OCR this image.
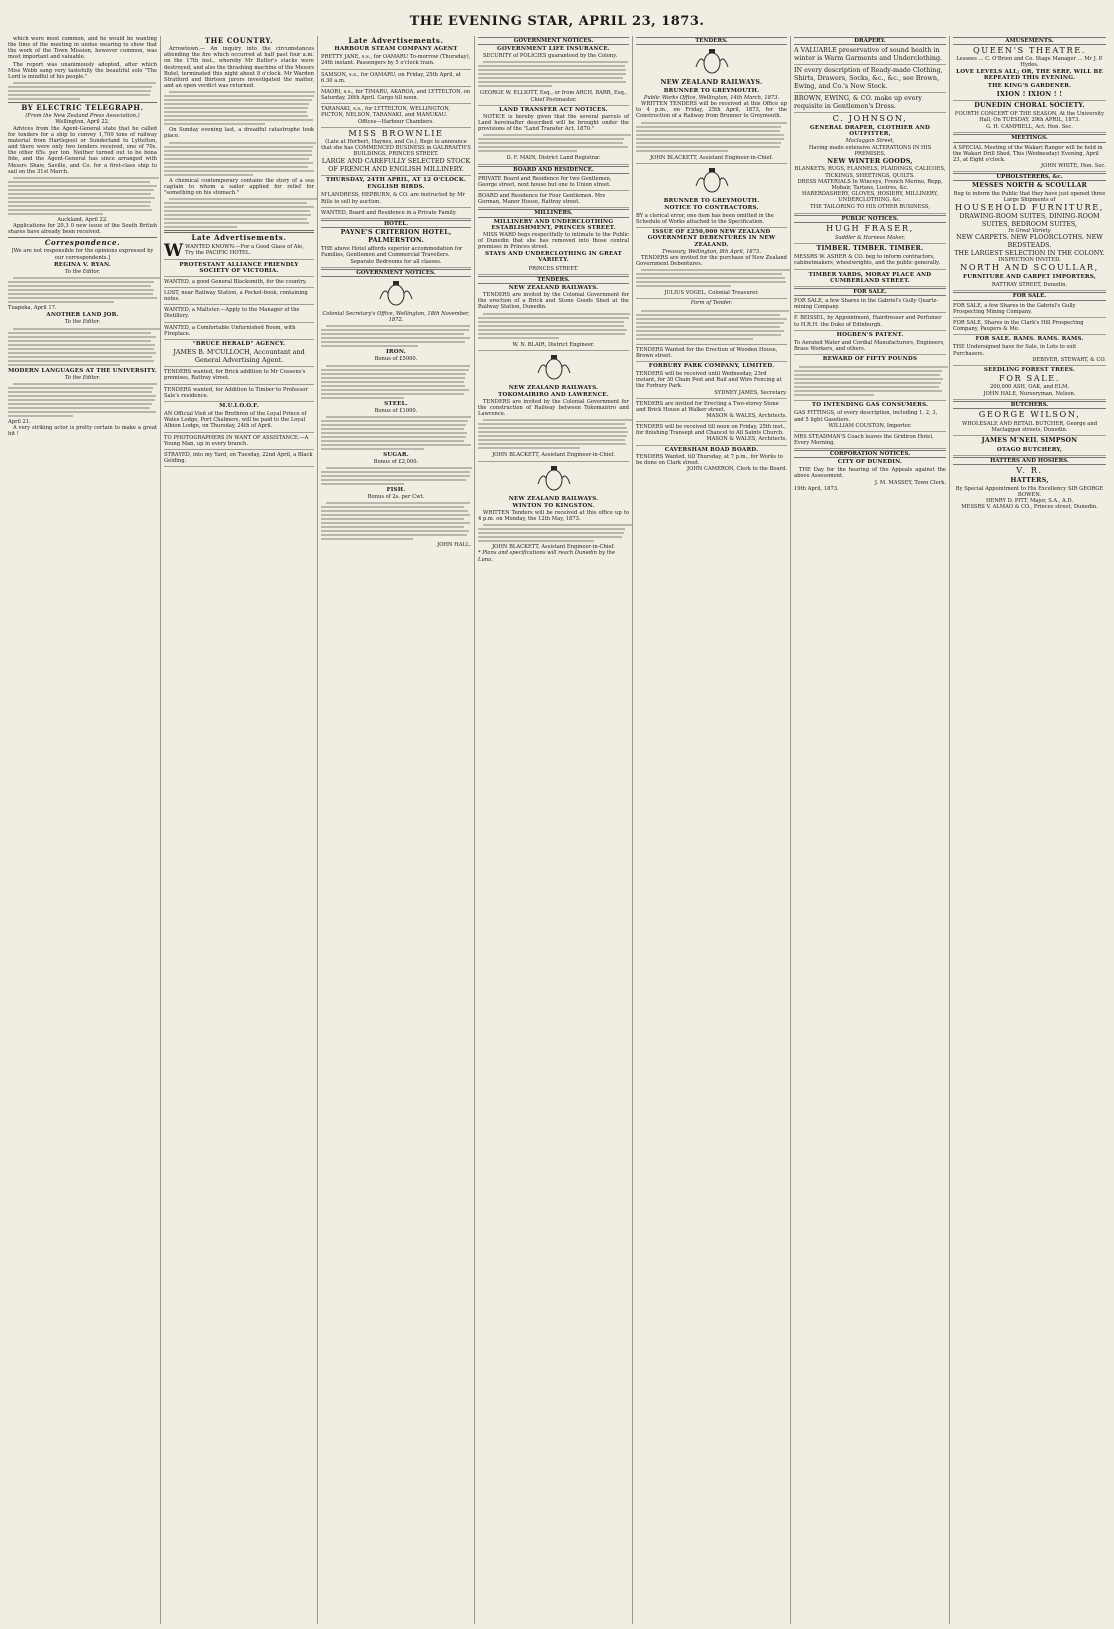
THE EVENING STAR, APRIL 23, 1873.

which were most common, and he would be wanting the time of the meeting in undue wearing to show that the work of the Town Mission, however common, was most important and valuable.

The report was unanimously adopted, after which Miss Webb sang very tastefully the beautiful solo "The Lord is mindful of his people."

BY ELECTRIC TELEGRAPH.
(From the New Zealand Press Association.)
Wellington, April 22.

Advices from the Agent-General state that he called for tenders for a ship to convey 1,700 tons of railway material from Hartlepool or Sunderland to Lyttelton, and there were only two tenders received, one of 70s. the other 65s. per ton. Neither turned out to be bona fide, and the Agent-General has since arranged with Messrs Shaw, Saville, and Co. for a first-class ship to sail on the 31st March.

Auckland, April 22.

Applications for 20,3 0 new issue of the South British shares have already been received.

Correspondence.
[We are not responsible for the opinions expressed by our correspondents.]
REGINA V. RYAN.
To the Editor.
Tuapeka, April 17.
ANOTHER LAND JOB.
To the Editor.
MODERN LANGUAGES AT THE UNIVERSITY.
To the Editor.
April 21.

A very striking actor is pretty certain to make a great hit !

THE COUNTRY.

Arrowtown.— An inquiry into the circumstances attending the fire which occurred at half past four a.m. on the 17th inst., whereby Mr Butler's stacks were destroyed, and also the thrashing machine of the Messrs Butel, terminated this night about 8 o'clock. Mr Warden Stratford and thirteen jurors investigated the matter, and an open verdict was returned.

On Sunday evening last, a dreadful catastrophe took place.

A chemical contemporary contains the story of a sea captain to whom a sailor applied for relief for "something on his stomach."

Late Advertisements.
WWANTED KNOWN.—For a Good Glass of Ale, Try the PACIFIC HOTEL.
PROTESTANT ALLIANCE FRIENDLY SOCIETY OF VICTORIA.
WANTED, a good General Blacksmith, for the country.
LOST, near Railway Station, a Pocket-book, containing notes.
WANTED, a Maltster.—Apply to the Manager of the Distillery.
WANTED, a Comfortable Unfurnished Room, with Fireplace.
"BRUCE HERALD" AGENCY.
JAMES B. M'CULLOCH, Accountant and General Advertising Agent.
TENDERS wanted, for Brick addition to Mr Cossens's premises, Rattray street.
TENDERS wanted, for Addition to Timber to Professor Sale's residence.
M.U.I.O.O.F.
AN Official Visit of the Brethren of the Loyal Prince of Wales Lodge, Port Chalmers, will be paid to the Loyal Albion Lodge, on Thursday, 24th of April.
TO PHOTOGRAPHERS IN WANT OF ASSISTANCE.—A Young Man, up in every branch.
STRAYED, into my Yard, on Tuesday, 22nd April, a Black Gelding.
Late Advertisements.
HARBOUR STEAM COMPANY AGENT
PRETTY JANE, s.s., for OAMARU To-morrow (Thursday), 24th instant. Passengers by 5 o'clock train.
SAMSON, s.s., for OAMARU, on Friday, 25th April, at 6.30 a.m.
MAORI, s.s., for TIMARU, AKAROA, and LYTTELTON, on Saturday, 26th April. Cargo till noon.
TARANAKI, s.s., for LYTTELTON, WELLINGTON, PICTON, NELSON, TARANAKI, and MANUKAU.
Offices—Harbour Chambers.
MISS BROWNLIE
(Late at Herbert, Haynes, and Co.), Begs to announce that she has COMMENCED BUSINESS in GALBRAITH'S BUILDINGS, PRINCES STREET.
LARGE AND CAREFULLY SELECTED STOCK OF FRENCH AND ENGLISH MILLINERY.
THURSDAY, 24TH APRIL, AT 12 O'CLOCK.
ENGLISH BIRDS.
M'LANDRESS, HEPBURN, & CO. are instructed by Mr Rills to sell by auction.
WANTED, Board and Residence in a Private Family.
HOTEL.
PAYNE'S CRITERION HOTEL, PALMERSTON.
THE above Hotel affords superior accommodation for Families, Gentlemen and Commercial Travellers.
Separate Bedrooms for all classes.
GOVERNMENT NOTICES.
Colonial Secretary's Office, Wellington, 18th November, 1872.
IRON.
Bonus of £5000.
STEEL.
Bonus of £1000.
SUGAR.
Bonus of £2,000.
FISH.
Bonus of 2s. per Cwt.
JOHN HALL.
GOVERNMENT NOTICES.
GOVERNMENT LIFE INSURANCE.

SECURITY of POLICIES guaranteed by the Colony.

GEORGE W. ELLIOTT, Esq., or from ARCH. BARR, Esq., Chief Postmaster.
LAND TRANSFER ACT NOTICES.

NOTICE is hereby given that the several parcels of Land hereinafter described will be brought under the provisions of the "Land Transfer Act, 1870."

D. F. MAIN, District Land Registrar.
BOARD AND RESIDENCE.
PRIVATE Board and Residence for two Gentlemen, George street, next house but one to Union street.
BOARD and Residence for Four Gentlemen. Mrs Gorman, Manor House, Rattray street.
MILLINERS.
MILLINERY AND UNDERCLOTHING ESTABLISHMENT, PRINCES STREET.

MISS WARD begs respectfully to intimate to the Public of Dunedin that she has removed into those central premises in Princes street.

STAYS AND UNDERCLOTHING IN GREAT VARIETY.
PRINCES STREET.
TENDERS.
NEW ZEALAND RAILWAYS.

TENDERS are invited by the Colonial Government for the erection of a Brick and Stone Goods Shed at the Railway Station, Dunedin.

W. N. BLAIR, District Engineer.
NEW ZEALAND RAILWAYS.
TOKOMAIRIRO AND LAWRENCE.

TENDERS are invited by the Colonial Government for the construction of Railway between Tokomairiro and Lawrence.

JOHN BLACKETT, Assistant Engineer-in-Chief.
NEW ZEALAND RAILWAYS.
WINTON TO KINGSTON.

WRITTEN Tenders will be received at this office up to 4 p.m. on Monday, the 12th May, 1873.

JOHN BLACKETT, Assistant Engineer-in-Chief.
* Plans and specifications will reach Dunedin by the Luna.
TENDERS.
NEW ZEALAND RAILWAYS.
BRUNNER TO GREYMOUTH.
Public Works Office, Wellington, 14th March, 1873.

WRITTEN TENDERS will be received at this Office up to 4 p.m., on Friday, 25th April, 1873, for the Construction of a Railway from Brunner to Greymouth.

JOHN BLACKETT, Assistant Engineer-in-Chief.
BRUNNER TO GREYMOUTH.
NOTICE TO CONTRACTORS.
BY a clerical error, one item has been omitted in the Schedule of Works attached to the Specification.
ISSUE OF £250,000 NEW ZEALAND GOVERNMENT DEBENTURES IN NEW ZEALAND.
Treasury, Wellington, 8th April, 1873.

TENDERS are invited for the purchase of New Zealand Government Debentures.

JULIUS VOGEL, Colonial Treasurer.
Form of Tender.
TENDERS Wanted for the Erection of Wooden House, Brown street.
FORBURY PARK COMPANY, LIMITED.
TENDERS will be received until Wednesday, 23rd instant, for 30 Chain Post and Rail and Wire Fencing at the Forbury Park.
SYDNEY JAMES, Secretary.
TENDERS are invited for Erecting a Two-storey Stone and Brick House at Walker street.
MASON & WALES, Architects.
TENDERS will be received till noon on Friday, 25th inst., for finishing Transept and Chancel to All Saints Church.
MASON & WALES, Architects.
CAVERSHAM ROAD BOARD.
TENDERS Wanted, till Thursday, at 7 p.m., for Works to be done on Clark street.
JOHN CAMERON, Clerk to the Board.
DRAPERY.
A VALUABLE preservative of sound health in winter is Warm Garments and Underclothing.
IN every description of Ready-made Clothing, Shirts, Drawers, Socks, &c., &c., see Brown, Ewing, and Co.'s New Stock.
BROWN, EWING, & CO. make up every requisite in Gentlemen's Dress.
C. JOHNSON,
GENERAL DRAPER, CLOTHIER AND OUTFITTER,
Maclaggan Street,
Having made extensive ALTERATIONS IN HIS PREMISES,
NEW WINTER GOODS,
BLANKETS, RUGS, FLANNELS, PLAIDINGS, CALICOES, TICKINGS, SHEETINGS, QUILTS.
DRESS MATERIALS In Winceys, French Merino, Repp, Mohair, Tartans, Lustres, &c.
HABERDASHERY, GLOVES, HOSIERY, MILLINERY, UNDERCLOTHING, &c.
THE TAILORING TO HIS OTHER BUSINESS,
PUBLIC NOTICES.
HUGH FRASER,
Saddler & Harness Maker,
TIMBER. TIMBER. TIMBER.
MESSRS W. ASHER & CO. beg to inform contractors, cabinetmakers, wheelwrights, and the public generally.
TIMBER YARDS, MORAY PLACE AND CUMBERLAND STREET.
FOR SALE.
FOR SALE, a few Shares in the Gabriel's Gully Quartz-mining Company.
F. BEISSEL, by Appointment, Hairdresser and Perfumer to H.R.H. the Duke of Edinburgh.
HOGBEN'S PATENT.
To Aerated Water and Cordial Manufacturers, Engineers, Brass Workers, and others.
REWARD OF FIFTY POUNDS
TO INTENDING GAS CONSUMERS.
GAS FITTINGS, of every description, including 1, 2, 3, and 5 light Gaseliers.
WILLIAM COUSTON, Importer.
MRS STEADMAN'S Coach leaves the Gridiron Hotel, Every Morning.
CORPORATION NOTICES.
CITY OF DUNEDIN.

THE Day for the hearing of the Appeals against the above Assessment.

J. M. MASSEY, Town Clerk.
19th April, 1873.
AMUSEMENTS.
QUEEN'S THEATRE.
Lessees ... C. O'Brien and Co. Stage Manager ... Mr J. P. Hydes.
LOVE LEVELS ALL; OR, THE SERF, WILL BE REPEATED THIS EVENING.
THE KING'S GARDENER.
IXION ! IXION ! !
DUNEDIN CHORAL SOCIETY.
FOURTH CONCERT OF THE SEASON, At the University Hall, On TUESDAY, 29th APRIL, 1873.
G. H. CAMPBELL, Act. Hon. Sec.
MEETINGS.
A SPECIAL Meeting of the Wakari Ranger will be held in the Wakari Drill Shed, This (Wednesday) Evening, April 23, at Eight o'clock.
JOHN WHITE, Hon. Sec.
UPHOLSTERERS, &c.
MESSES NORTH & SCOULLAR
Beg to inform the Public that they have just opened three Large Shipments of
HOUSEHOLD FURNITURE,
DRAWING-ROOM SUITES, DINING-ROOM SUITES, BEDROOM SUITES,
In Great Variety
NEW CARPETS. NEW FLOORCLOTHS. NEW BEDSTEADS.
THE LARGEST SELECTION IN THE COLONY.
INSPECTION INVITED.
NORTH AND SCOULLAR,
FURNITURE AND CARPET IMPORTERS,
RATTRAY STREET, Dunedin.
FOR SALE.
FOR SALE, a few Shares in the Gabriel's Gully Prospecting Mining Company.
FOR SALE, Shares in the Clark's Hill Prospecting Company, Paupers & Me.
FOR SALE. RAMS. RAMS. RAMS.
THE Undersigned have for Sale, in Lots to suit Purchasers.
DEBIVER, STEWART, & CO.
SEEDLING FOREST TREES.
FOR SALE.
200,000 ASH, OAK, and ELM.
JOHN HALE, Nurseryman, Nelson.
BUTCHERS.
GEORGE WILSON,
WHOLESALE AND RETAIL BUTCHER, George and Maclaggan streets, Dunedin.
JAMES M'NEIL SIMPSON
OTAGO BUTCHERY,
HATTERS AND HOSIERS.
V. R.
HATTERS,
By Special Appointment to His Excellency SIR GEORGE BOWEN.
HENRY D. PITT, Major, S.A., A.D.
MESSRS V. ALMAO & CO., Princes street, Dunedin.
